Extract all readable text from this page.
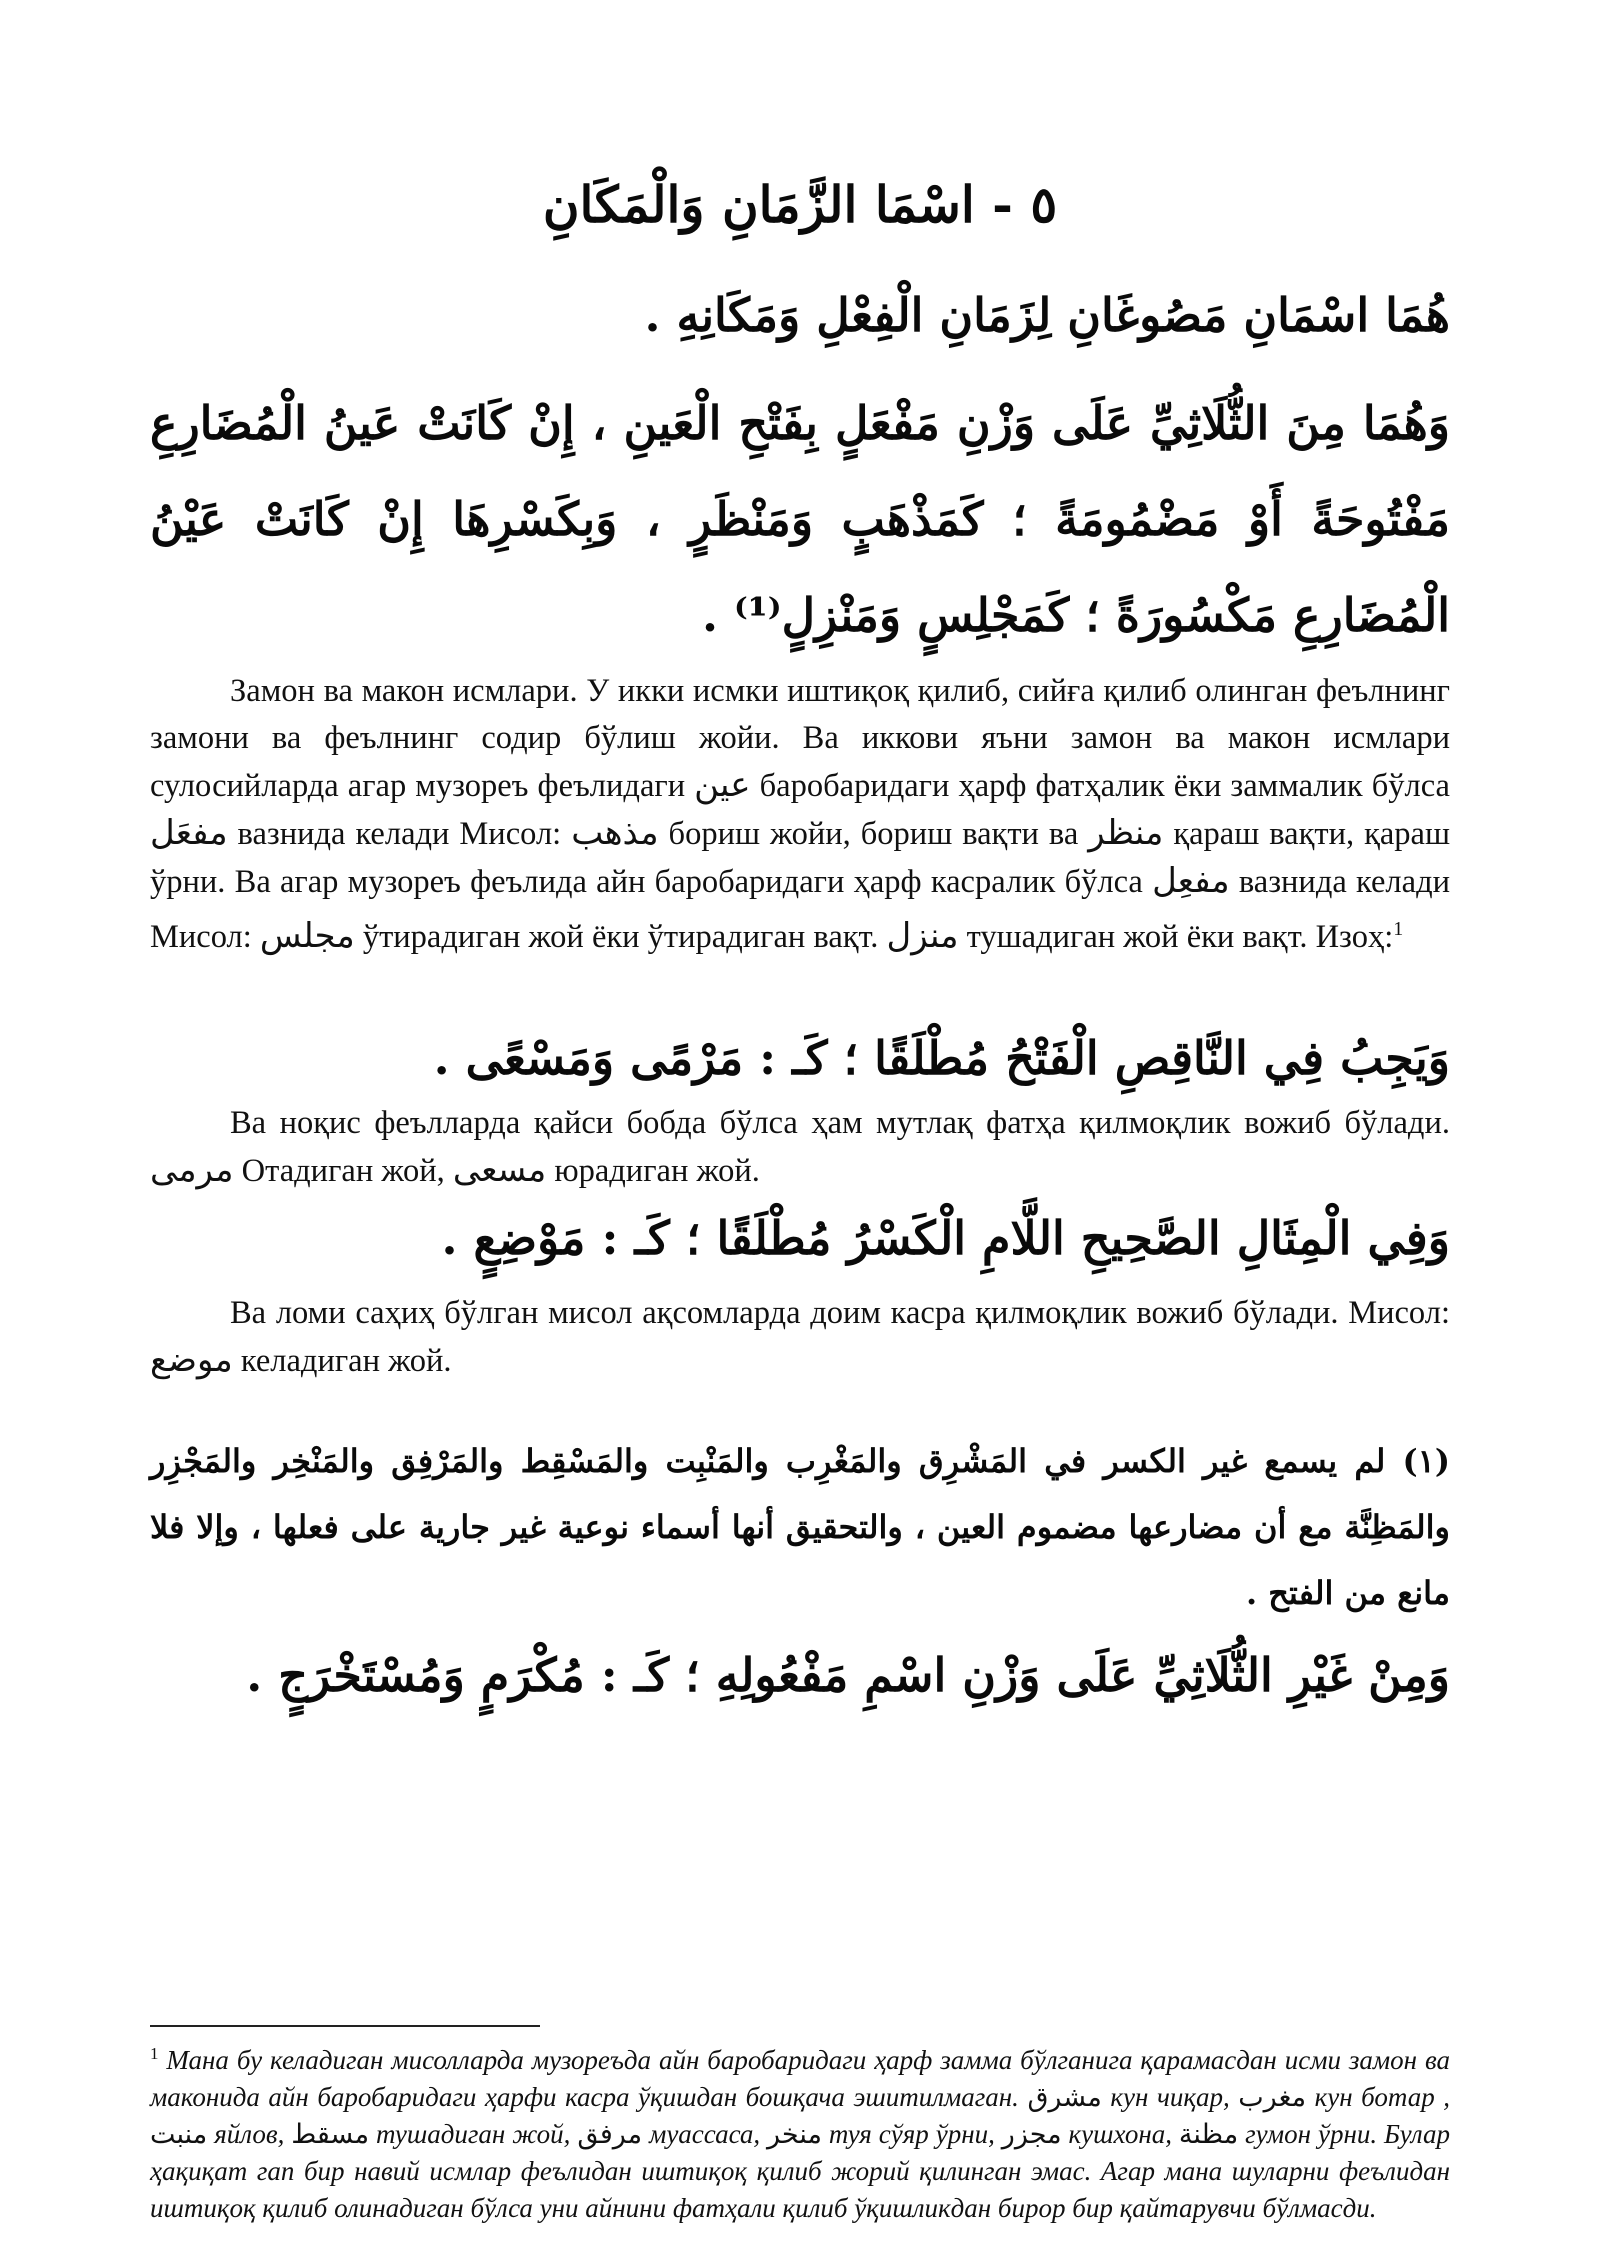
٥ - اسْمَا الزَّمَانِ وَالْمَكَانِ
هُمَا اسْمَانِ مَصُوغَانِ لِزَمَانِ الْفِعْلِ وَمَكَانِهِ .
وَهُمَا مِنَ الثُّلَاثِيِّ عَلَى وَزْنِ مَفْعَلٍ بِفَتْحِ الْعَينِ ، إِنْ كَانَتْ عَينُ الْمُضَارِعِ مَفْتُوحَةً أَوْ مَضْمُومَةً ؛ كَمَذْهَبٍ وَمَنْظَرٍ ، وَبِكَسْرِهَا إِنْ كَانَتْ عَيْنُ الْمُضَارِعِ مَكْسُورَةً ؛ كَمَجْلِسٍ وَمَنْزِلٍ⁽¹⁾ .
Замон ва макон исмлари. У икки исмки иштиқоқ қилиб, сийға қилиб олинган феълнинг замони ва феълнинг содир бўлиш жойи. Ва иккови яъни замон ва макон исмлари сулосийларда агар музореъ феълидаги عين баробаридаги ҳарф фатҳалик ёки заммалик бўлса مفعَل вазнида келади Мисол: مذهب бориш жойи, бориш вақти ва منظر қараш вақти, қараш ўрни. Ва агар музореъ феълида айн баробаридаги ҳарф касралик бўлса مفعِل вазнида келади Мисол: مجلس ўтирадиган жой ёки ўтирадиган вақт. منزل тушадиган жой ёки вақт. Изоҳ:$^1$
وَيَجِبُ فِي النَّاقِصِ الْفَتْحُ مُطْلَقًا ؛ كَـ : مَرْمًى وَمَسْعًى .
Ва ноқис феълларда қайси бобда бўлса ҳам мутлақ фатҳа қилмоқлик вожиб бўлади. مرمى Отадиган жой, مسعى юрадиган жой.
وَفِي الْمِثَالِ الصَّحِيحِ اللَّامِ الْكَسْرُ مُطْلَقًا ؛ كَـ : مَوْضِعٍ .
Ва ломи саҳиҳ бўлган мисол ақсомларда доим касра қилмоқлик вожиб бўлади. Мисол: موضع келадиган жой.
(١) لم يسمع غير الكسر في المَشْرِق والمَغْرِب والمَنْبِت والمَسْقِط والمَرْفِق والمَنْخِر والمَجْزِر والمَظِنَّة مع أن مضارعها مضموم العين ، والتحقيق أنها أسماء نوعية غير جارية على فعلها ، وإلا فلا مانع من الفتح .
وَمِنْ غَيْرِ الثُّلَاثِيِّ عَلَى وَزْنِ اسْمِ مَفْعُولِهِ ؛ كَـ : مُكْرَمٍ وَمُسْتَخْرَجٍ .
$^1$ Мана бу келадиган мисолларда музореъда айн баробаридаги ҳарф замма бўлганига қарамасдан исми замон ва маконида айн баробаридаги ҳарфи касра ўқишдан бошқача эшитилмаган. مشرق кун чиқар, مغرب кун ботар , منبت яйлов, مسقط тушадиган жой, مرفق муассаса, منخر туя сўяр ўрни, مجزر кушхона, مظنة гумон ўрни. Булар ҳақиқат гап бир навий исмлар феълидан иштиқоқ қилиб жорий қилинган эмас. Агар мана шуларни феълидан иштиқоқ қилиб олинадиган бўлса уни айнини фатҳали қилиб ўқишликдан бирор бир қайтарувчи бўлмасди.
